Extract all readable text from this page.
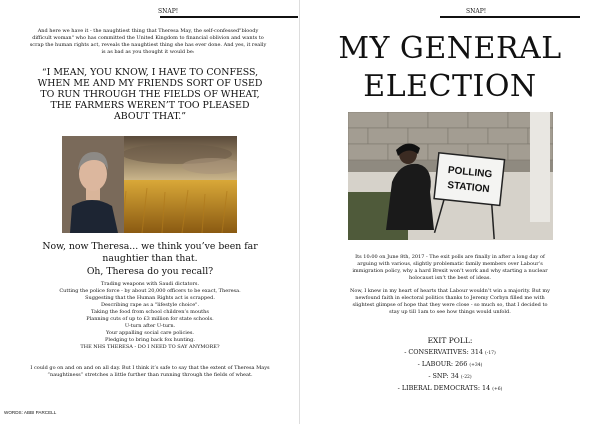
SNAP!
And here we have it - the naughtiest thing that Theresa May, the self-confessed"bloody difficult woman" who has committed the United Kingdom to financial oblivion and wants to scrap the human rights act, reveals the naughtiest thing she has ever done. And yes, it really is as bad as you thought it would be:
“I MEAN, YOU KNOW, I HAVE TO CONFESS, WHEN ME AND MY FRIENDS SORT OF USED TO RUN THROUGH THE FIELDS OF WHEAT, THE FARMERS WEREN’T TOO PLEASED ABOUT THAT.”
Now, now Theresa... we think you’ve been far naughtier than that.
Oh, Theresa do you recall?
Trading weapons with Saudi dictators.
Cutting the police force - by about 20,000 officers to be exact, Theresa.
Suggesting that the Human Rights act is scrapped.
Describing rape as a "lifestyle choice".
Taking the food from school children’s mouths
Planning cuts of up to £3 million for state schools.
U-turn after U-turn.
Your appalling social care policies.
Pledging to bring back fox hunting.
THE NHS THERESA - DO I NEED TO SAY ANYMORE?
I could go on and on and on all day. But I think it’s safe to say that the extent of Theresa Mays “naughtiness” stretches a little further than running through the fields of wheat.
WORDS: ABBI PARCELL
SNAP!
MY GENERAL ELECTION
POLLING
STATION

Its 10:00 on June 8th, 2017 - The exit polls are finally in after a long day of arguing with various, slightly problematic family members over Labour’s immigration policy, why a hard Brexit won’t work and why starting a nuclear holocaust isn’t the best of ideas.

Now, I knew in my heart of hearts that Labour wouldn’t win a majority. But my newfound faith in electoral politics thanks to Jeremy Corbyn filled me with slightest glimpse of hope that they were close - so much so, that I decided to stay up till 1am to see how things would unfold.

EXIT POLL:
- CONSERVATIVES: 314 (-17)
- LABOUR: 266 (+34)
- SNP: 34 (-22)
- LIBERAL DEMOCRATS: 14 (+6)
